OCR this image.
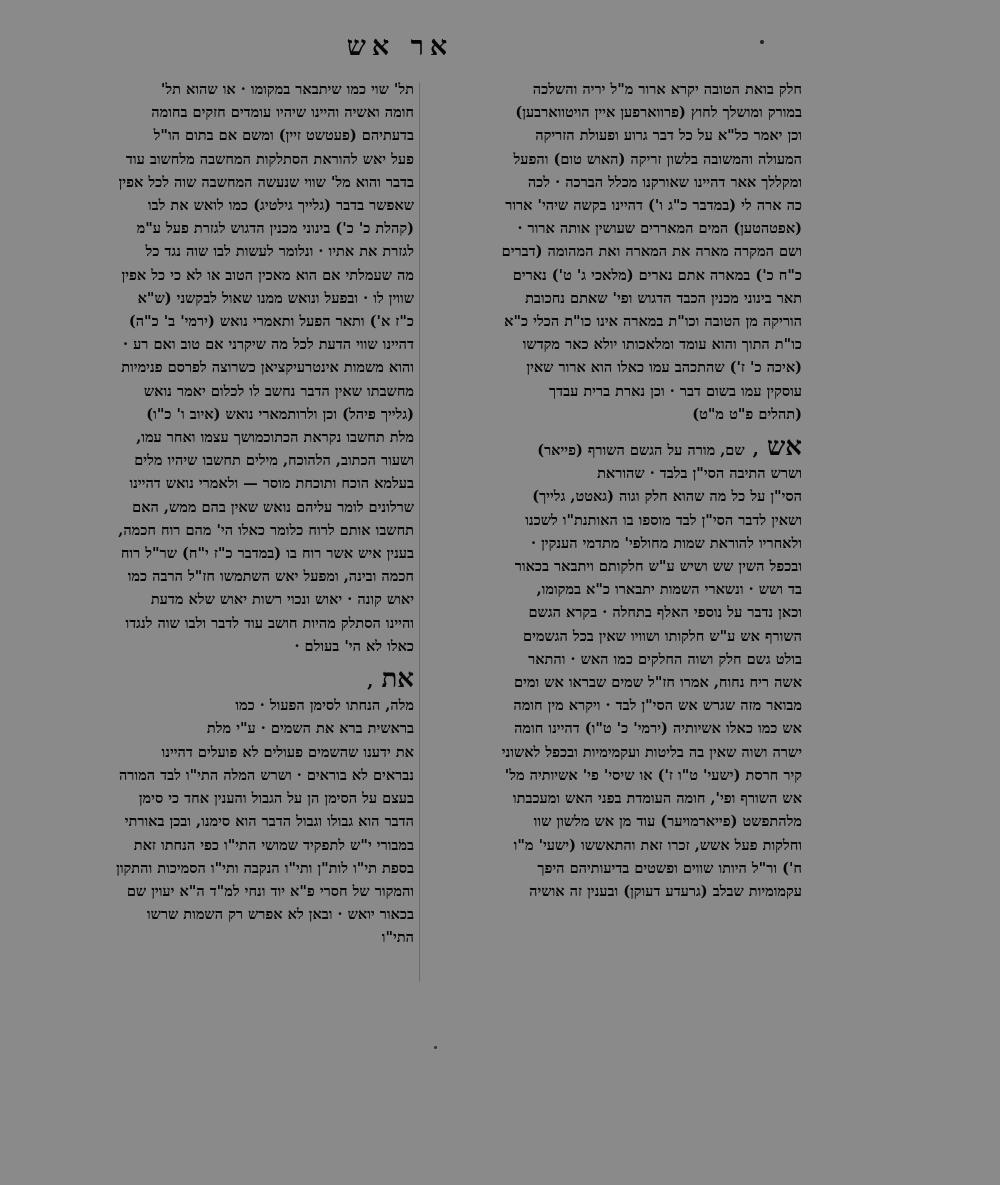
אר אש
חלק בואת הטובה יקרא ארור מ"ל יריה והשלכה
במורק ומושלך לחוץ (פרווארפען איין הויטווארבען)
וכן יאמר כל"א על כל דבר גרוע ופעולת הזריקה
המעולה והמשובה בלשון זריקה (האוש טום) והפעל
ומקללך אאר דהיינו שאורקנו מכלל הברכה · לכה
כה ארה לי (במדבר כ"ג ו') דהיינו בקשה שיהי' ארור
(אפטהטען) המים המאררים שעושין אותה ארור ·
ושם המקרה מארה את המארה ואת המהומה (דברים
כ"ח כ') במארה אתם נארים (מלאכי ג' ט') נארים
תאר בינוני מכנין הכבד הדגוש ופי' שאתם נחכובת
הוריקה מן הטובה וכו"ת במארה אינו כו"ת הכלי כ"א
כו"ת התוך והוא עומד ומלאכותו יולא כאר מקדשו
(איכה כ' ז') שהתכהב עמו כאלו הוא ארור שאין
עוסקין עמו בשום דבר · וכן נארת ברית עבדך
(תהלים פ"ט מ"ט)
אש,שם, מורה על הגשם השורף (פייאר)
ושרש התיבה הסי"ן בלבד · שהוראת
הסי"ן על כל מה שהוא חלק וגוה (גאטט, גלייך)
ושאין לדבר הסי"ן לבד מוספו בו האותנת"ו לשכנו
ולאחריו להוראת שמות מחולפי' מתדמי הענקין ·
ובכפל השין שש ושיש ע"ש חלקותם ויתבאר בכאור
בד ושש · ונשארי השמות יתבארו כ"א במקומו,
וכאן נדבר על נוספי האלף בתחלה · בקרא הגשם
השורף אש ע"ש חלקותו ושוויו שאין בכל הגשמים
בולט גשם חלק ושוה החלקים כמו האש · והתאר
אשה ריח נחוח, אמרו חז"ל שמים שבראו אש ומים
מבואר מזה שגרש אש הסי"ן לבד · ויקרא מין חומה
אש כמו כאלו אשיותיה (ירמי' כ' ט"ו) דהיינו חומה
ישרה ושוה שאין בה בליטות ועקמימיות ובכפל לאשוני
קיר חרסת (ישעי' ט"ו ז') או שיסי' פי' אשיותיה מל'
אש השורף ופי', חומה העומדת בפני האש ומעכבתו
מלהתפשט (פייארמויער) עוד מן אש מלשון שוו
וחלקות פעל אשש, זכרו זאת והתאששו (ישעי' מ"ו
ח') ור"ל היותו שווים ופשטים בדיעותיהם היפך
עקמומיות שבלב (גרעדע דעוקן) ובענין זה אושיה
תל' שוי כמו שיתבאר במקומו · או שהוא תל'
חומה ואשיה והיינו שיהיו עומדים חזקים בחומה
בדעתיהם (פעטשט זיין) ומשם אם בתום הו"ל
פעל יאש להוראת הסתלקות המחשבה מלחשוב עוד
בדבר והוא מל' שווי שנעשה המחשבה שוה לכל אפין
שאפשר בדבר (גלייך גילטיג) כמו לואש את לבו
(קהלת כ' כ') בינוני מכנין הדגוש לגזרת פעל ע"מ
לגזרת את אתיו · ונלומר לעשות לבו שוה נגד כל
מה שעמלתי אם הוא מאכין הטוב או לא כי כל אפין
שווין לו · ובפעל ונואש ממנו שאול לבקשני (ש"א
כ"ז א') ותאר הפעל ותאמרי נואש (ירמי' ב' כ"ה)
דהיינו שווי הדעת לכל מה שיקרני אם טוב ואם רע ·
והוא משמות אינטרעיקציאן כשרוצה לפרסם פנימיות
מחשבתו שאין הדבר נחשב לו לכלום יאמר נואש
(גלייך פיהל) וכן ולרותמארי נואש (איוב ו' כ"ו)
מלת תחשבו נקראת הכתוכמושך עצמו ואחר עמו,
ושעור הכתוב, הלהוכח, מילים תחשבו שיהיו מלים
בעלמא הוכח ותוכחת מוסר — ולאמרי נואש דהיינו
שרלונים לומר עליהם נואש שאין בהם ממש, האם
תחשבו אותם לרוח כלומר כאלו הי' מהם רוח חכמה,
בענין איש אשר רוח בו (במדבר כ"ז י"ח) שר"ל רוח
חכמה ובינה, ומפעל יאש השתמשו חז"ל הרבה כמו
יאוש קונה · יאוש ונכוי רשות יאוש שלא מדעת
והיינו הסתלק מהיות חושב עוד לדבר ולבו שוה לנגדו
כאלו לא הי' בעולם ·
את,
מלה, הנחתו לסימן הפעול · כמו
בראשית ברא את השמים · ע"י מלת
את ידענו שהשמים פעולים לא פועלים דהיינו
נבראים לא בוראים · ושרש המלה התי"ו לבד המורה
בעצם על הסימן הן על הגבול והענין אחד כי סימן
הדבר הוא גבולו וגבול הדבר הוא סימנו, ובכן באורתי
במבורי י"ש לתפקיד שמושי התי"ו כפי הנחתו זאת
בספת תי"ו לות"ן ותי"ו הנקבה ותי"ו הסמיכות והתקון
והמקור של חסרי פ"א יוד ונחי למ"ד ה"א יעוין שם
בכאור יואש · ובאן לא אפרש רק השמות שרשו
התי"ו
